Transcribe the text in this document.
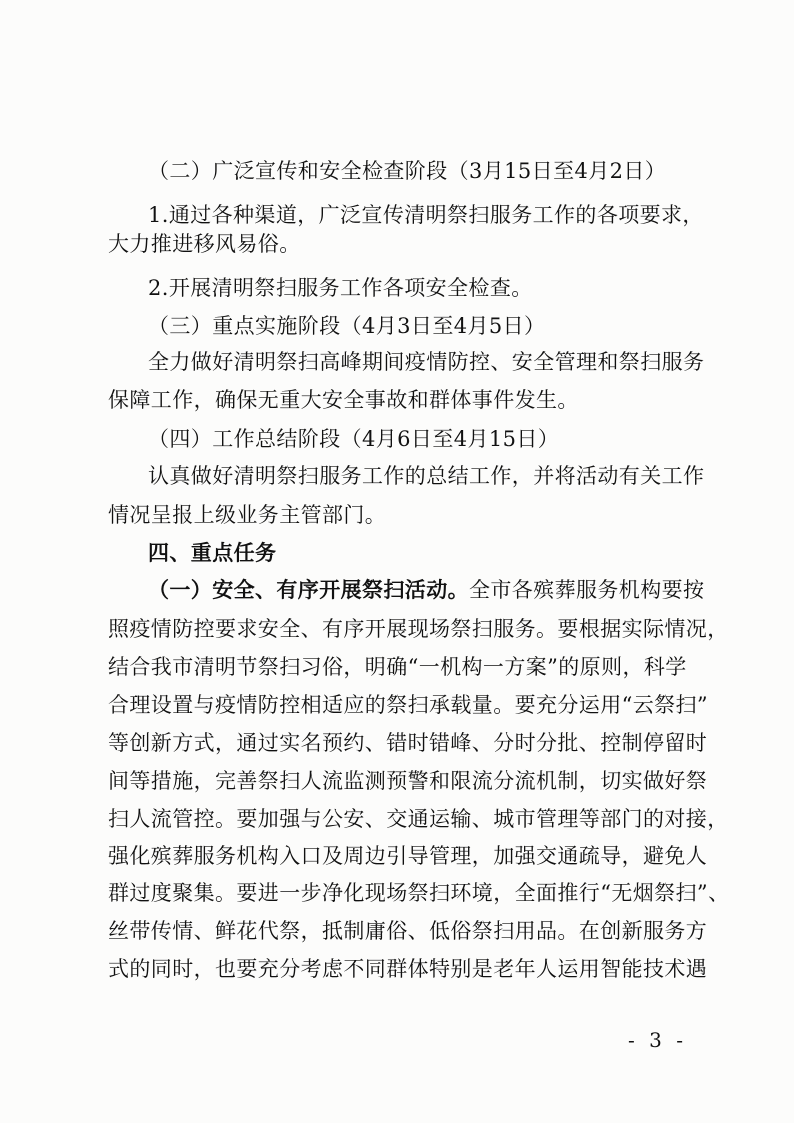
（二）广泛宣传和安全检查阶段（3月15日至4月2日）
1.通过各种渠道，广泛宣传清明祭扫服务工作的各项要求，
大力推进移风易俗。
2.开展清明祭扫服务工作各项安全检查。
（三）重点实施阶段（4月3日至4月5日）
全力做好清明祭扫高峰期间疫情防控、安全管理和祭扫服务
保障工作，确保无重大安全事故和群体事件发生。
（四）工作总结阶段（4月6日至4月15日）
认真做好清明祭扫服务工作的总结工作，并将活动有关工作
情况呈报上级业务主管部门。
四、重点任务
（一）安全、有序开展祭扫活动。全市各殡葬服务机构要按
照疫情防控要求安全、有序开展现场祭扫服务。要根据实际情况，
结合我市清明节祭扫习俗，明确“一机构一方案”的原则，科学
合理设置与疫情防控相适应的祭扫承载量。要充分运用“云祭扫”
等创新方式，通过实名预约、错时错峰、分时分批、控制停留时
间等措施，完善祭扫人流监测预警和限流分流机制，切实做好祭
扫人流管控。要加强与公安、交通运输、城市管理等部门的对接，
强化殡葬服务机构入口及周边引导管理，加强交通疏导，避免人
群过度聚集。要进一步净化现场祭扫环境，全面推行“无烟祭扫”、
丝带传情、鲜花代祭，抵制庸俗、低俗祭扫用品。在创新服务方
式的同时，也要充分考虑不同群体特别是老年人运用智能技术遇
- 3 -
